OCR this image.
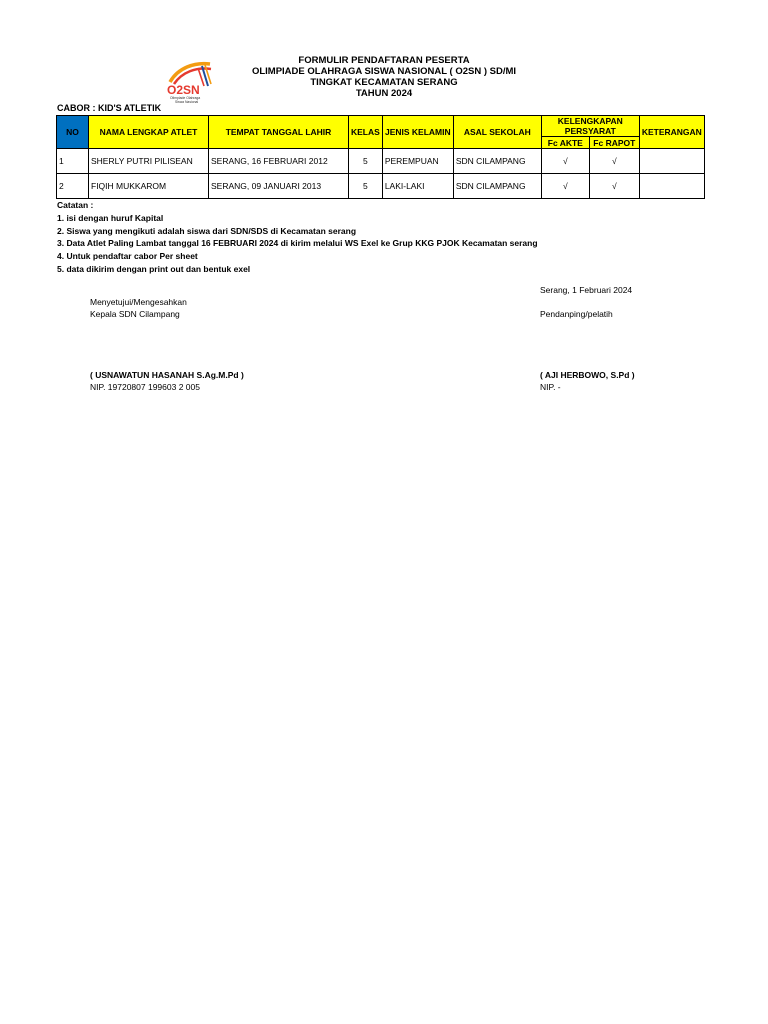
FORMULIR PENDAFTARAN PESERTA
OLIMPIADE OLAHRAGA SISWA NASIONAL ( O2SN ) SD/MI
TINGKAT KECAMATAN SERANG
TAHUN 2024
O2SN
Olimpiade Olahraga
Siswa Nasional
CABOR : KID'S ATLETIK
NO	NAMA LENGKAP ATLET	TEMPAT TANGGAL LAHIR	KELAS	JENIS KELAMIN	ASAL SEKOLAH	KELENGKAPAN PERSYARAT		KETERANGAN
						Fc AKTE	Fc RAPOT	
1	SHERLY PUTRI PILISEAN	SERANG, 16 FEBRUARI 2012	5	PEREMPUAN	SDN CILAMPANG	√	√	
2	FIQIH MUKKAROM	SERANG, 09 JANUARI 2013	5	LAKI-LAKI	SDN CILAMPANG	√	√	
Catatan :
1. isi dengan huruf Kapital
2. Siswa yang mengikuti adalah siswa dari SDN/SDS di Kecamatan serang
3. Data Atlet Paling Lambat tanggal 16 FEBRUARI 2024 di kirim melalui WS Exel ke Grup KKG PJOK Kecamatan serang
4. Untuk pendaftar cabor Per sheet
5. data dikirim dengan print out dan bentuk exel
Serang, 1 Februari 2024
Menyetujui/Mengesahkan
Kepala SDN Cilampang	Pendanping/pelatih
( USNAWATUN HASANAH S.Ag.M.Pd )
NIP. 19720807 199603 2 005
( AJI HERBOWO, S.Pd )
NIP. -
